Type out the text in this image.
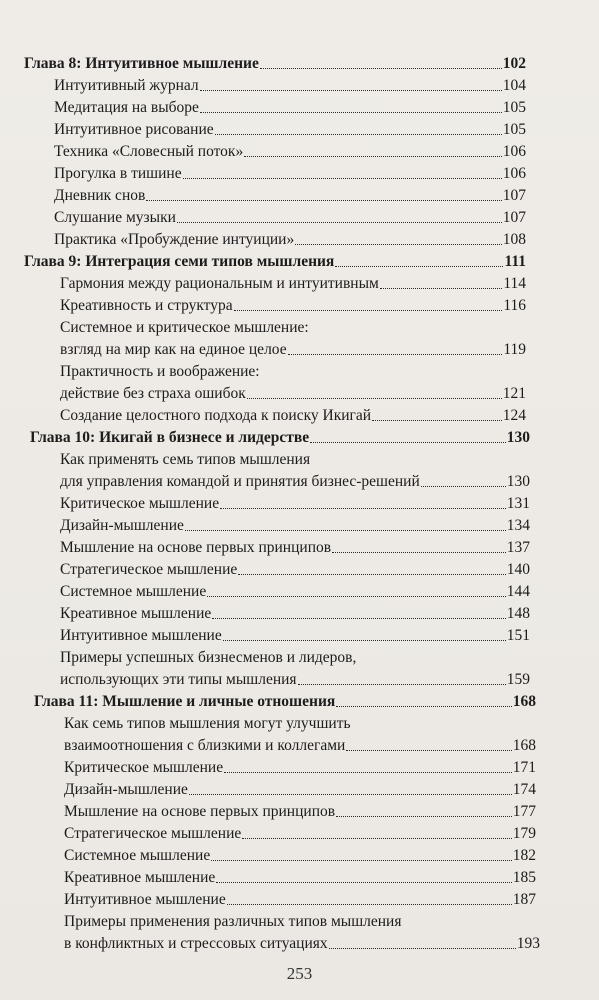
Глава 8: Интуитивное мышление	102
Интуитивный журнал	104
Медитация на выборе	105
Интуитивное рисование	105
Техника «Словесный поток»	106
Прогулка в тишине	106
Дневник снов	107
Слушание музыки	107
Практика «Пробуждение интуиции»	108
Глава 9: Интеграция семи типов мышления	111
Гармония между рациональным и интуитивным	114
Креативность и структура	116
Системное и критическое мышление:
взгляд на мир как на единое целое	119
Практичность и воображение:
действие без страха ошибок	121
Создание целостного подхода к поиску Икигай	124
Глава 10: Икигай в бизнесе и лидерстве	130
Как применять семь типов мышления
для управления командой и принятия бизнес-решений	130
Критическое мышление	131
Дизайн-мышление	134
Мышление на основе первых принципов	137
Стратегическое мышление	140
Системное мышление	144
Креативное мышление	148
Интуитивное мышление	151
Примеры успешных бизнесменов и лидеров,
использующих эти типы мышления	159
Глава 11: Мышление и личные отношения	168
Как семь типов мышления могут улучшить
взаимоотношения с близкими и коллегами	168
Критическое мышление	171
Дизайн-мышление	174
Мышление на основе первых принципов	177
Стратегическое мышление	179
Системное мышление	182
Креативное мышление	185
Интуитивное мышление	187
Примеры применения различных типов мышления
в конфликтных и стрессовых ситуациях	193
253
